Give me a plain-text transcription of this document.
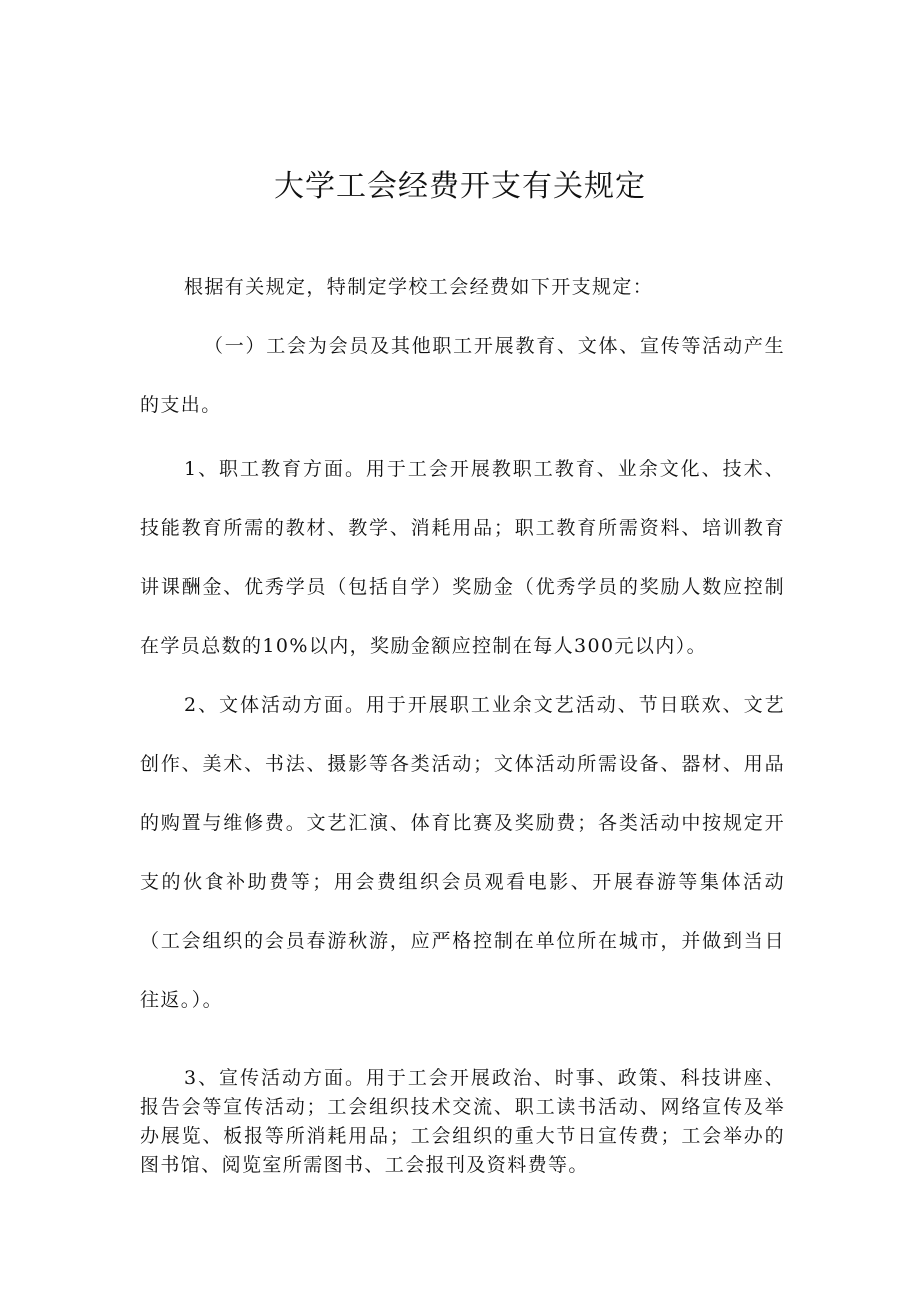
大学工会经费开支有关规定

根据有关规定，特制定学校工会经费如下开支规定：

（一）工会为会员及其他职工开展教育、文体、宣传等活动产生的支出。

1、职工教育方面。用于工会开展教职工教育、业余文化、技术、技能教育所需的教材、教学、消耗用品；职工教育所需资料、培训教育讲课酬金、优秀学员（包括自学）奖励金（优秀学员的奖励人数应控制在学员总数的10%以内，奖励金额应控制在每人300元以内）。

2、文体活动方面。用于开展职工业余文艺活动、节日联欢、文艺创作、美术、书法、摄影等各类活动；文体活动所需设备、器材、用品的购置与维修费。文艺汇演、体育比赛及奖励费；各类活动中按规定开支的伙食补助费等；用会费组织会员观看电影、开展春游等集体活动（工会组织的会员春游秋游，应严格控制在单位所在城市，并做到当日往返。）。

3、宣传活动方面。用于工会开展政治、时事、政策、科技讲座、报告会等宣传活动；工会组织技术交流、职工读书活动、网络宣传及举办展览、板报等所消耗用品；工会组织的重大节日宣传费；工会举办的图书馆、阅览室所需图书、工会报刊及资料费等。
